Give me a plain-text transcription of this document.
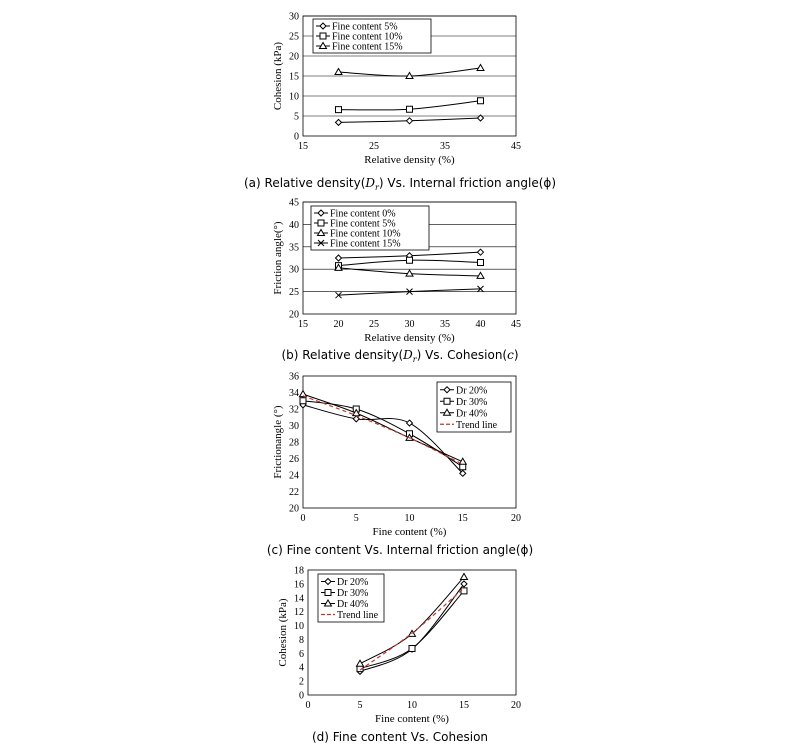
0
5
10
15
20
25
30
15	25	35	45
Relative density (%)
Cohesion (kPa)
Fine content 5%
Fine content 10%
Fine content 15%
(a) Relative $density(D_r)$ Vs. Internal friction angle(ϕ)
20
25
30
35
40
45
15	20	25	30	35	40	45
Relative density (%)
Friction angle(°)
Fine content 0%
Fine content 5%
Fine content 10%
Fine content 15%
(b) Relative $density(D_r)$ Vs. Cohesion(c)
20
22
24
26
28
30
32
34
36
0	5	10	15	20
Fine content (%)
Frictionangle (°)
Dr 20%
Dr 30%
Dr 40%
Trend line
(c) Fine content Vs. Internal friction angle(ϕ)
0
2
4
6
8
10
12
14
16
18
0	5	10	15	20
Fine content (%)
Cohesion (kPa)
Dr 20%
Dr 30%
Dr 40%
Trend line
(d) Fine content Vs. Cohesion
